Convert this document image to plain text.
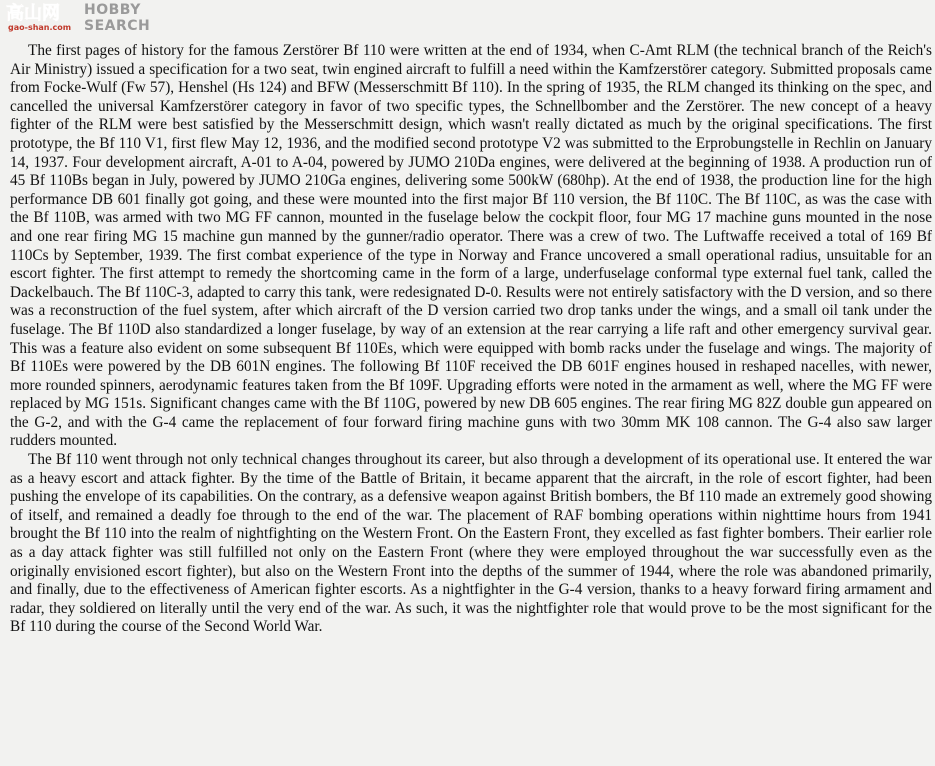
高山网 HOBBY SEARCH
gao-shan.com

The first pages of history for the famous Zerstörer Bf 110 were written at the end of 1934, when C-Amt RLM (the technical branch of the Reich's Air Ministry) issued a specification for a two seat, twin engined aircraft to fulfill a need within the Kamfzerstörer category. Submitted proposals came from Focke-Wulf (Fw 57), Henshel (Hs 124) and BFW (Messerschmitt Bf 110). In the spring of 1935, the RLM changed its thinking on the spec, and cancelled the universal Kamfzerstörer category in favor of two specific types, the Schnellbomber and the Zerstörer. The new concept of a heavy fighter of the RLM were best satisfied by the Messerschmitt design, which wasn't really dictated as much by the original specifications. The first prototype, the Bf 110 V1, first flew May 12, 1936, and the modified second prototype V2 was submitted to the Erprobungstelle in Rechlin on January 14, 1937. Four development aircraft, A-01 to A-04, powered by JUMO 210Da engines, were delivered at the beginning of 1938. A production run of 45 Bf 110Bs began in July, powered by JUMO 210Ga engines, delivering some 500kW (680hp). At the end of 1938, the production line for the high performance DB 601 finally got going, and these were mounted into the first major Bf 110 version, the Bf 110C. The Bf 110C, as was the case with the Bf 110B, was armed with two MG FF cannon, mounted in the fuselage below the cockpit floor, four MG 17 machine guns mounted in the nose and one rear firing MG 15 machine gun manned by the gunner/radio operator. There was a crew of two. The Luftwaffe received a total of 169 Bf 110Cs by September, 1939. The first combat experience of the type in Norway and France uncovered a small operational radius, unsuitable for an escort fighter. The first attempt to remedy the shortcoming came in the form of a large, underfuselage conformal type external fuel tank, called the Dackelbauch. The Bf 110C-3, adapted to carry this tank, were redesignated D-0. Results were not entirely satisfactory with the D version, and so there was a reconstruction of the fuel system, after which aircraft of the D version carried two drop tanks under the wings, and a small oil tank under the fuselage. The Bf 110D also standardized a longer fuselage, by way of an extension at the rear carrying a life raft and other emergency survival gear. This was a feature also evident on some subsequent Bf 110Es, which were equipped with bomb racks under the fuselage and wings. The majority of Bf 110Es were powered by the DB 601N engines. The following Bf 110F received the DB 601F engines housed in reshaped nacelles, with newer, more rounded spinners, aerodynamic features taken from the Bf 109F. Upgrading efforts were noted in the armament as well, where the MG FF were replaced by MG 151s. Significant changes came with the Bf 110G, powered by new DB 605 engines. The rear firing MG 82Z double gun appeared on the G-2, and with the G-4 came the replacement of four forward firing machine guns with two 30mm MK 108 cannon. The G-4 also saw larger rudders mounted.

The Bf 110 went through not only technical changes throughout its career, but also through a development of its operational use. It entered the war as a heavy escort and attack fighter. By the time of the Battle of Britain, it became apparent that the aircraft, in the role of escort fighter, had been pushing the envelope of its capabilities. On the contrary, as a defensive weapon against British bombers, the Bf 110 made an extremely good showing of itself, and remained a deadly foe through to the end of the war. The placement of RAF bombing operations within nighttime hours from 1941 brought the Bf 110 into the realm of nightfighting on the Western Front. On the Eastern Front, they excelled as fast fighter bombers. Their earlier role as a day attack fighter was still fulfilled not only on the Eastern Front (where they were employed throughout the war successfully even as the originally envisioned escort fighter), but also on the Western Front into the depths of the summer of 1944, where the role was abandoned primarily, and finally, due to the effectiveness of American fighter escorts. As a nightfighter in the G-4 version, thanks to a heavy forward firing armament and radar, they soldiered on literally until the very end of the war. As such, it was the nightfighter role that would prove to be the most significant for the Bf 110 during the course of the Second World War.
